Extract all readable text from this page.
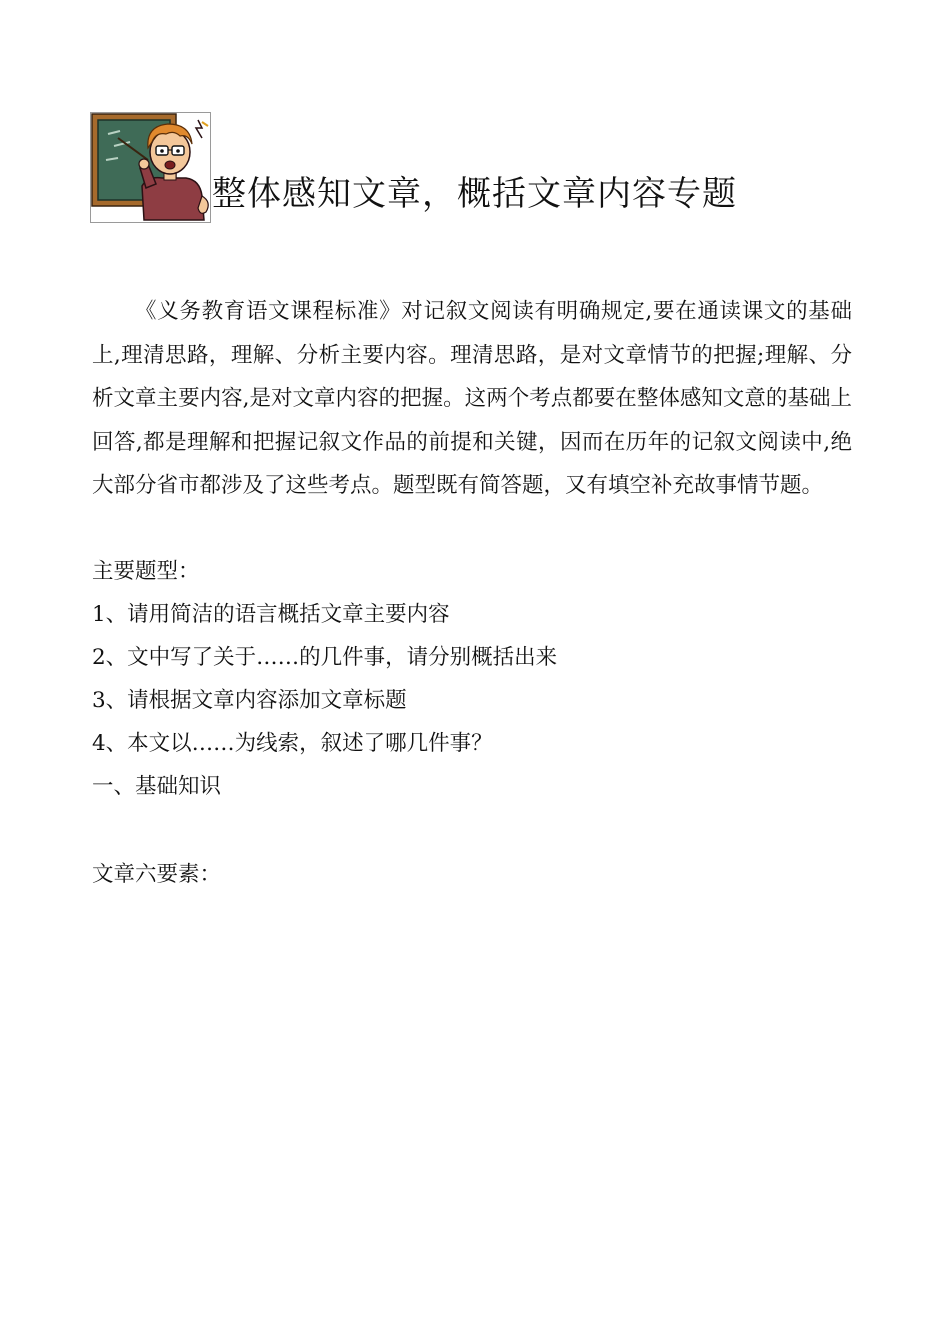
整体感知文章，概括文章内容专题

《义务教育语文课程标准》对记叙文阅读有明确规定,要在通读课文的基础上,理清思路，理解、分析主要内容。理清思路，是对文章情节的把握;理解、分析文章主要内容,是对文章内容的把握。这两个考点都要在整体感知文意的基础上回答,都是理解和把握记叙文作品的前提和关键，因而在历年的记叙文阅读中,绝大部分省市都涉及了这些考点。题型既有简答题，又有填空补充故事情节题。

主要题型：
1、请用简洁的语言概括文章主要内容
2、文中写了关于……的几件事，请分别概括出来
3、请根据文章内容添加文章标题
4、本文以……为线索，叙述了哪几件事？
一、基础知识
文章六要素：
